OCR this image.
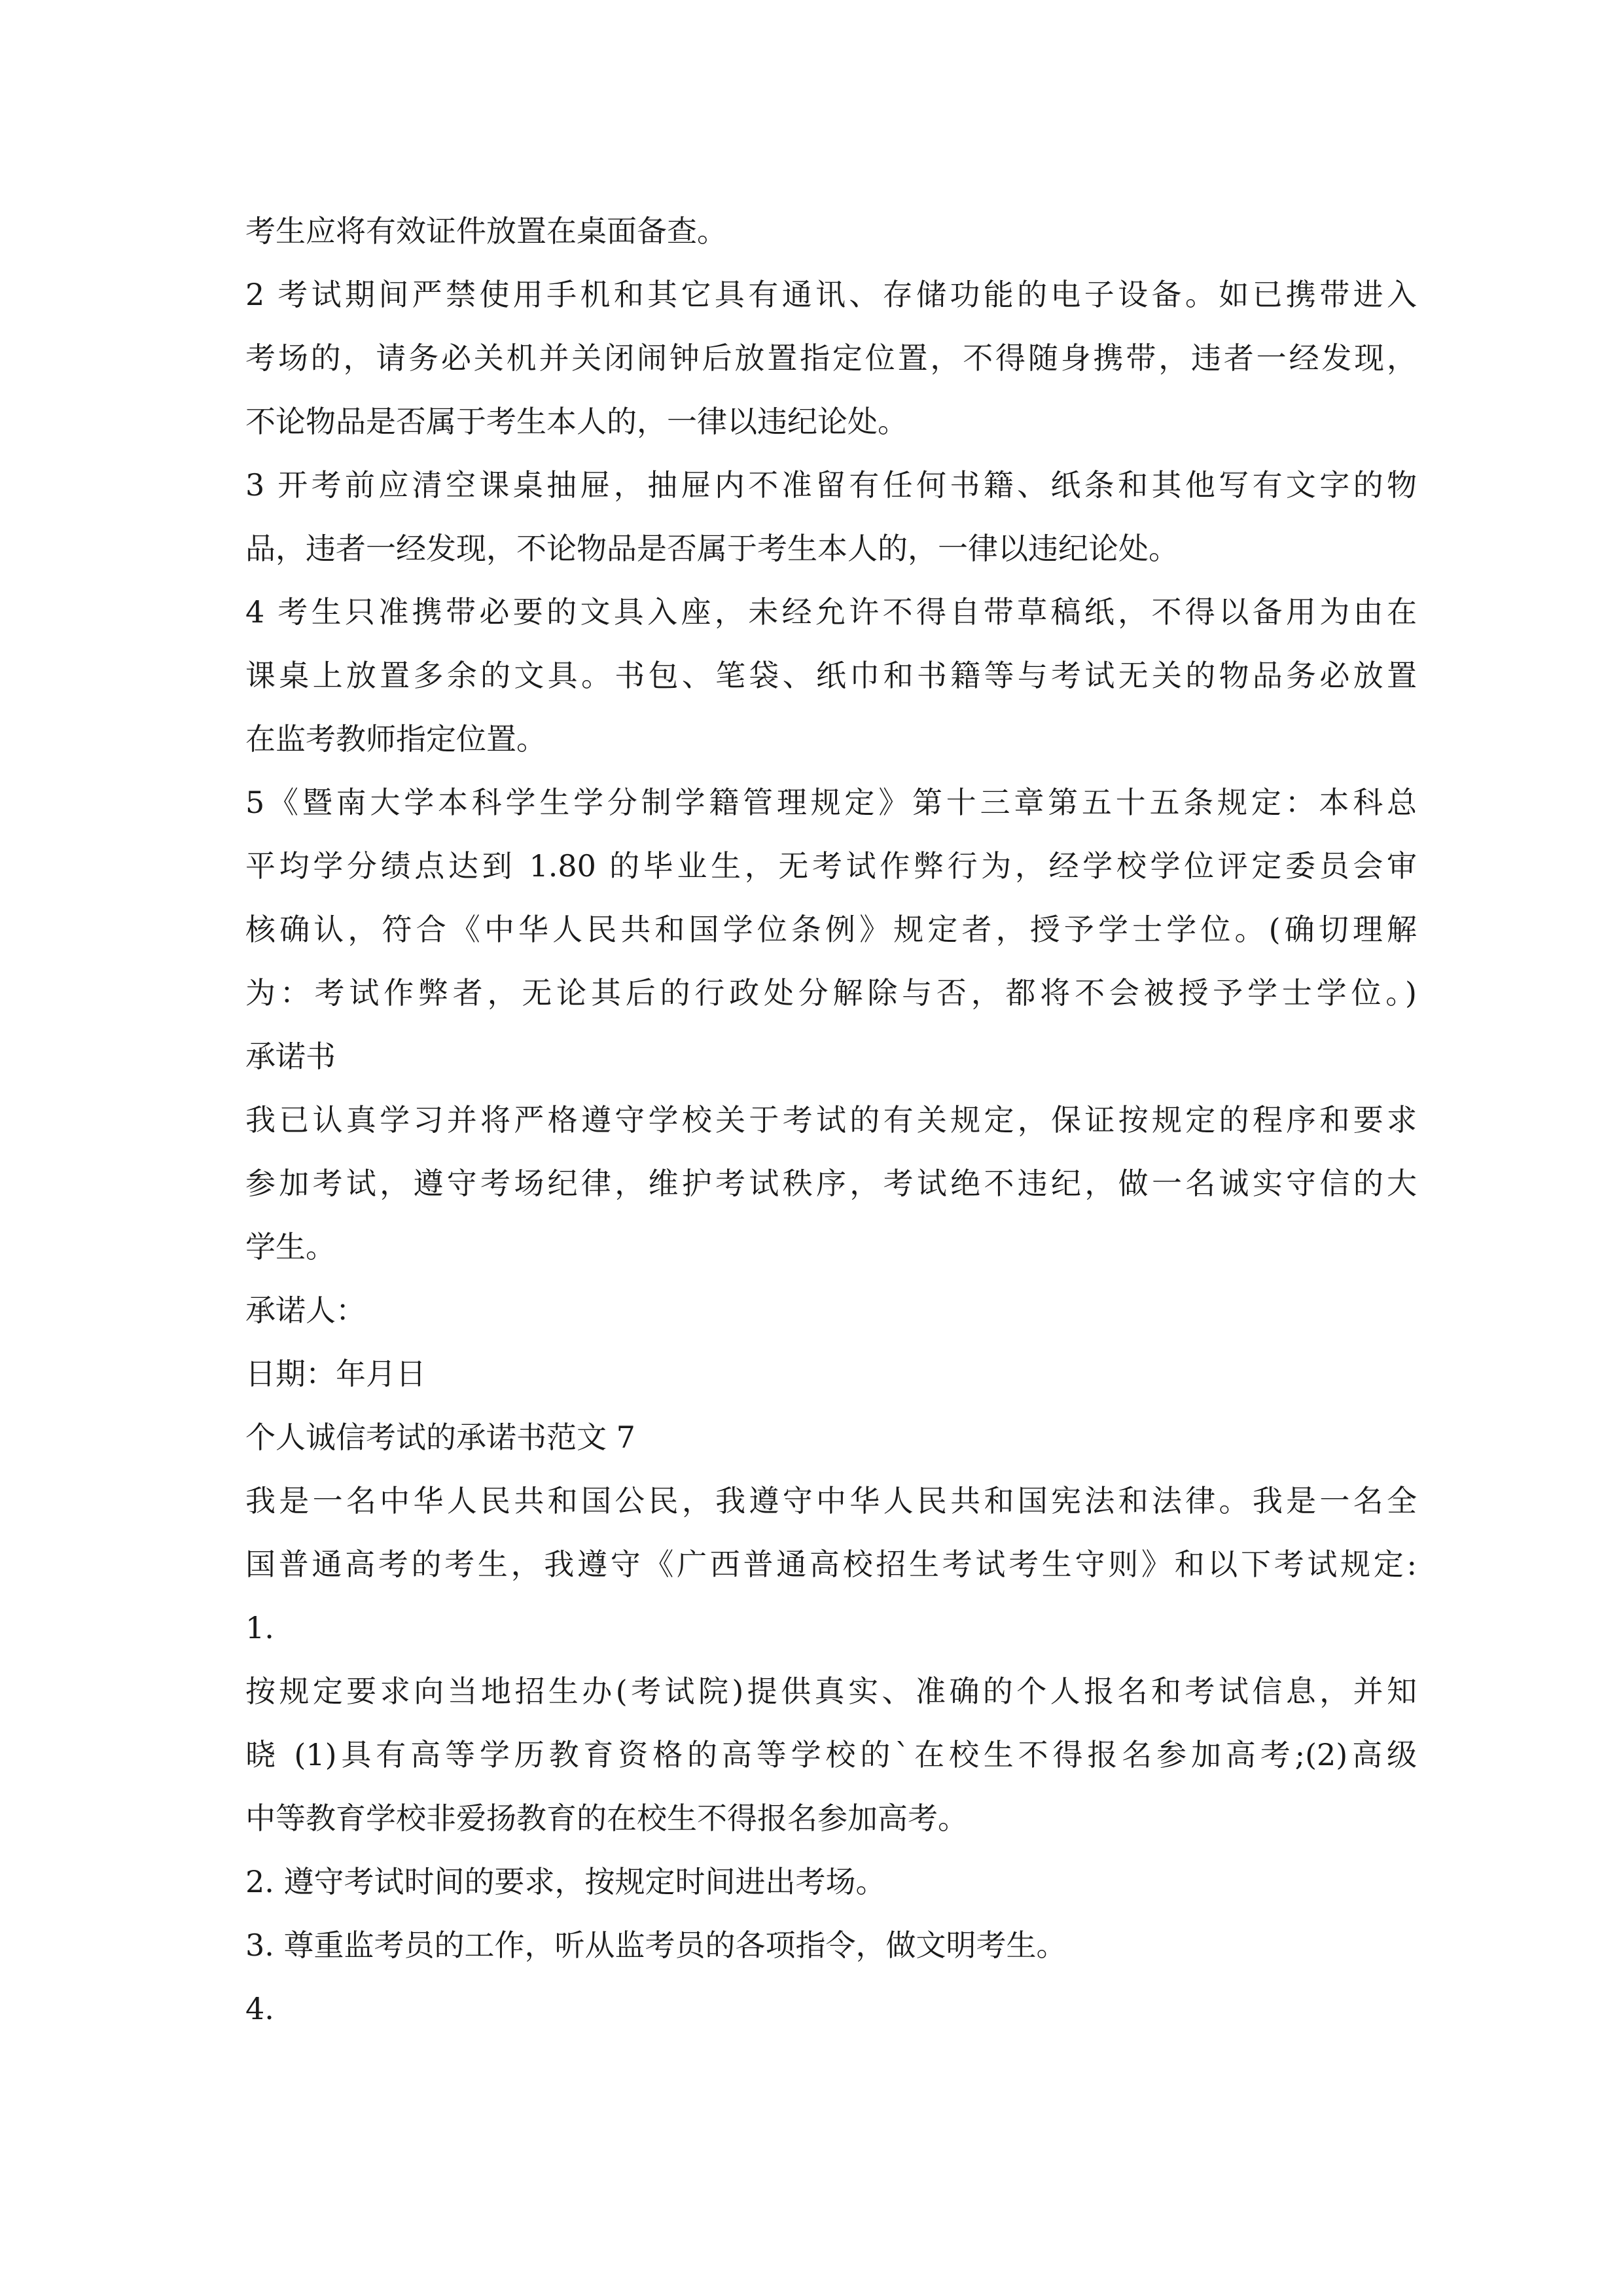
考生应将有效证件放置在桌面备查。
2 考试期间严禁使用手机和其它具有通讯、存储功能的电子设备。如已携带进入
考场的，请务必关机并关闭闹钟后放置指定位置，不得随身携带，违者一经发现，
不论物品是否属于考生本人的，一律以违纪论处。
3 开考前应清空课桌抽屉，抽屉内不准留有任何书籍、纸条和其他写有文字的物
品，违者一经发现，不论物品是否属于考生本人的，一律以违纪论处。
4 考生只准携带必要的文具入座，未经允许不得自带草稿纸，不得以备用为由在
课桌上放置多余的文具。书包、笔袋、纸巾和书籍等与考试无关的物品务必放置
在监考教师指定位置。
5《暨南大学本科学生学分制学籍管理规定》第十三章第五十五条规定：本科总
平均学分绩点达到 1.80 的毕业生，无考试作弊行为，经学校学位评定委员会审
核确认，符合《中华人民共和国学位条例》规定者，授予学士学位。(确切理解
为：考试作弊者，无论其后的行政处分解除与否，都将不会被授予学士学位。)
承诺书
我已认真学习并将严格遵守学校关于考试的有关规定，保证按规定的程序和要求
参加考试，遵守考场纪律，维护考试秩序，考试绝不违纪，做一名诚实守信的大
学生。
承诺人：
日期：年月日
个人诚信考试的承诺书范文 7
我是一名中华人民共和国公民，我遵守中华人民共和国宪法和法律。我是一名全
国普通高考的考生，我遵守《广西普通高校招生考试考生守则》和以下考试规定:
1.
按规定要求向当地招生办(考试院)提供真实、准确的个人报名和考试信息，并知
晓 (1)具有高等学历教育资格的高等学校的`在校生不得报名参加高考;(2)高级
中等教育学校非爱扬教育的在校生不得报名参加高考。
2. 遵守考试时间的要求，按规定时间进出考场。
3. 尊重监考员的工作，听从监考员的各项指令，做文明考生。
4.
